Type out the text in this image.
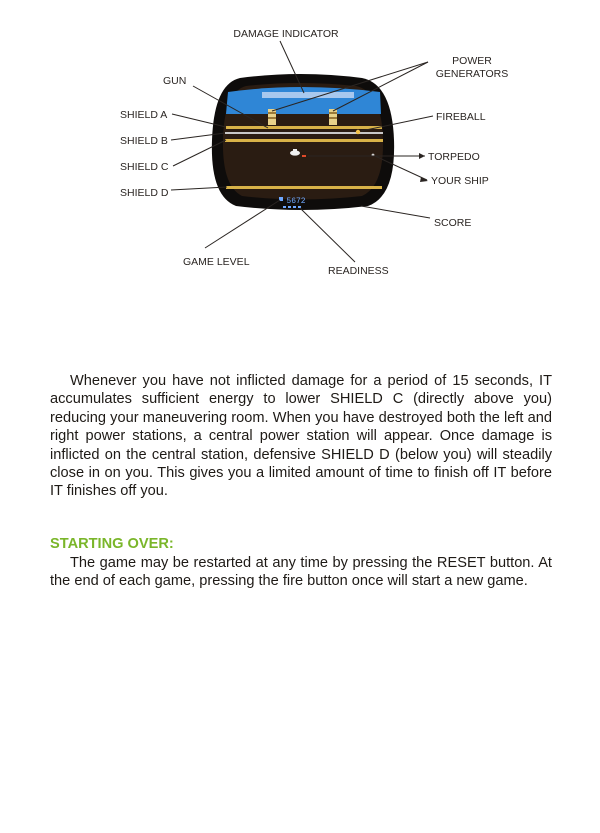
5672
DAMAGE INDICATOR
POWER
GENERATORS
GUN
FIREBALL
SHIELD A
SHIELD B
SHIELD C
SHIELD D
TORPEDO
YOUR SHIP
SCORE
GAME LEVEL
READINESS

Whenever you have not inflicted damage for a period of 15 seconds, IT accumulates sufficient energy to lower SHIELD C (directly above you) reducing your maneuvering room. When you have destroyed both the left and right power stations, a central power station will appear. Once damage is inflicted on the central station, defensive SHIELD D (below you) will steadily close in on you. This gives you a limited amount of time to finish off IT before IT finishes off you.

STARTING OVER:

The game may be restarted at any time by pressing the RESET button. At the end of each game, pressing the fire button once will start a new game.
